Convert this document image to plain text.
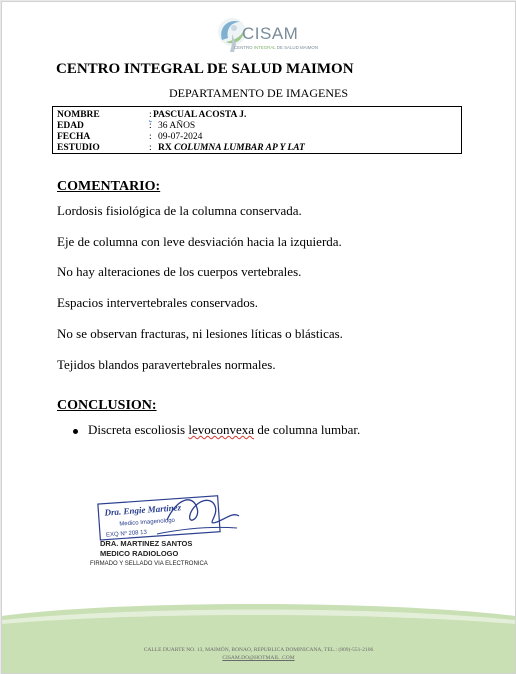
CISAM
CENTRO INTEGRAL DE SALUD MAIMON
CENTRO INTEGRAL DE SALUD MAIMON
DEPARTAMENTO DE IMAGENES
NOMBRE	: PASCUAL ACOSTA J.
EDAD	: 36 AÑOS
FECHA	: 09-07-2024
ESTUDIO	: RX COLUMNA LUMBAR AP Y LAT
COMENTARIO:
Lordosis fisiológica de la columna conservada.
Eje de columna con leve desviación hacia la izquierda.
No hay alteraciones de los cuerpos vertebrales.
Espacios intervertebrales conservados.
No se observan fracturas, ni lesiones líticas o blásticas.
Tejidos blandos paravertebrales normales.
CONCLUSION:
Discreta escoliosis levoconvexa de columna lumbar.
Dra. Engie Martinez
Medico Imagenologo
EXQ Nº 208 13
DRA. MARTINEZ SANTOS
MEDICO RADIOLOGO
FIRMADO Y SELLADO VIA ELECTRONICA
CALLE DUARTE NO. 13, MAIMÓN, BONAO, REPUBLICA DOMINICANA, TEL.: (809)-551-2106
CISAM.DO@HOTMAIL .COM
